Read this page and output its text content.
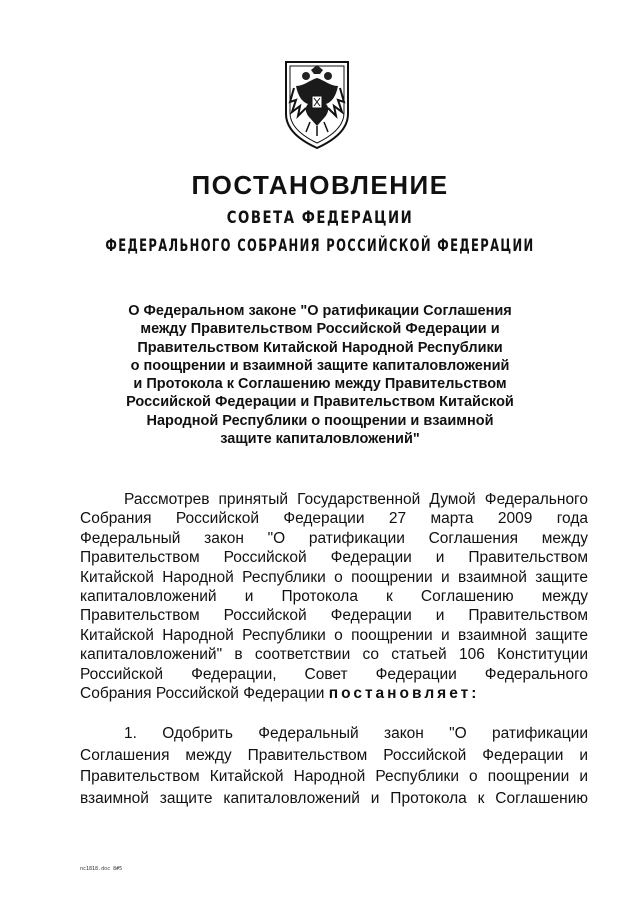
ПОСТАНОВЛЕНИЕ
СОВЕТА ФЕДЕРАЦИИ
ФЕДЕРАЛЬНОГО СОБРАНИЯ РОССИЙСКОЙ ФЕДЕРАЦИИ
О Федеральном законе "О ратификации Соглашения
между Правительством Российской Федерации и
Правительством Китайской Народной Республики
о поощрении и взаимной защите капиталовложений
и Протокола к Соглашению между Правительством
Российской Федерации и Правительством Китайской
Народной Республики о поощрении и взаимной
защите капиталовложений"
Рассмотрев принятый Государственной Думой Федерального
Собрания Российской Федерации 27 марта 2009 года
Федеральный закон "О ратификации Соглашения между
Правительством Российской Федерации и Правительством
Китайской Народной Республики о поощрении и взаимной защите
капиталовложений и Протокола к Соглашению между
Правительством Российской Федерации и Правительством
Китайской Народной Республики о поощрении и взаимной защите
капиталовложений" в соответствии со статьей 106 Конституции
Российской Федерации, Совет Федерации Федерального
Собрания Российской Федерации постановляет:
1. Одобрить Федеральный закон "О ратификации
Соглашения между Правительством Российской Федерации и
Правительством Китайской Народной Республики о поощрении и
взаимной защите капиталовложений и Протокола к Соглашению
nc1818.doc 8#5
